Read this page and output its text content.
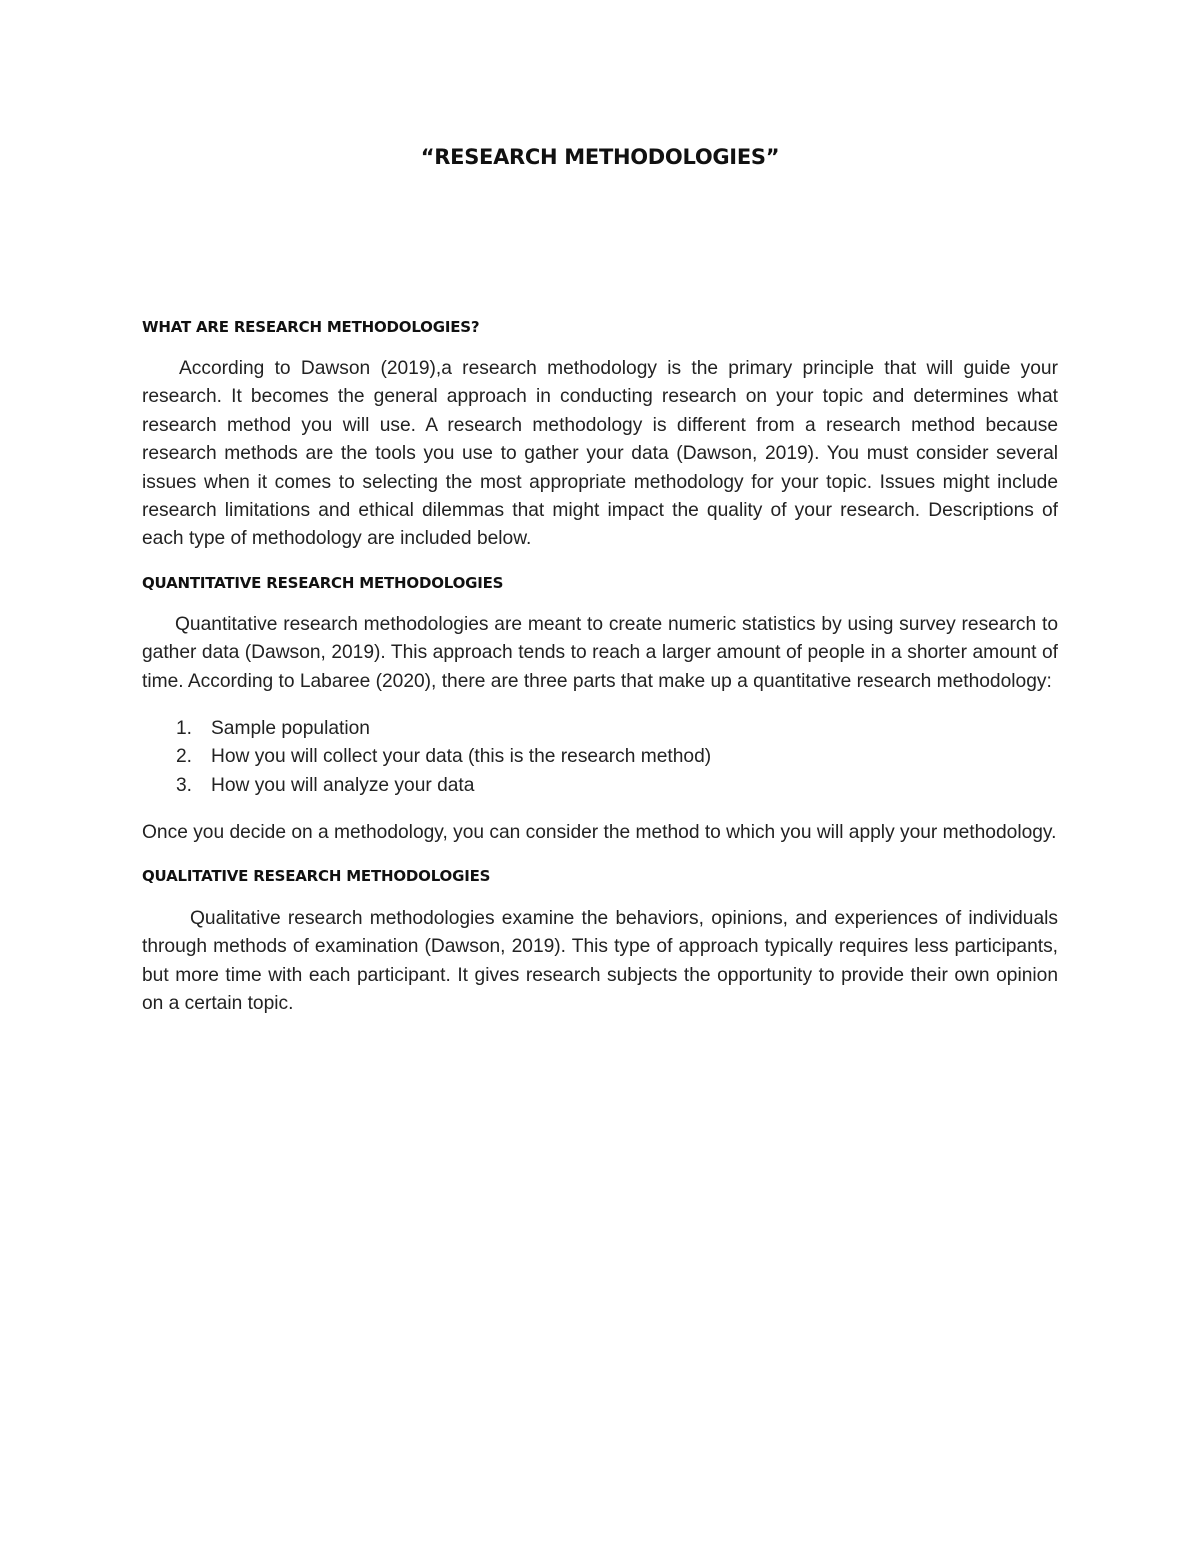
“RESEARCH METHODOLOGIES”
WHAT ARE RESEARCH METHODOLOGIES?

According to Dawson (2019),a research methodology is the primary principle that will guide your research. It becomes the general approach in conducting research on your topic and determines what research method you will use. A research methodology is different from a research method because research methods are the tools you use to gather your data (Dawson, 2019). You must consider several issues when it comes to selecting the most appropriate methodology for your topic. Issues might include research limitations and ethical dilemmas that might impact the quality of your research. Descriptions of each type of methodology are included below.

QUANTITATIVE RESEARCH METHODOLOGIES

Quantitative research methodologies are meant to create numeric statistics by using survey research to gather data (Dawson, 2019). This approach tends to reach a larger amount of people in a shorter amount of time. According to Labaree (2020), there are three parts that make up a quantitative research methodology:

1. Sample population
2. How you will collect your data (this is the research method)
3. How you will analyze your data

Once you decide on a methodology, you can consider the method to which you will apply your methodology.

QUALITATIVE RESEARCH METHODOLOGIES

Qualitative research methodologies examine the behaviors, opinions, and experiences of individuals through methods of examination (Dawson, 2019). This type of approach typically requires less participants, but more time with each participant. It gives research subjects the opportunity to provide their own opinion on a certain topic.
